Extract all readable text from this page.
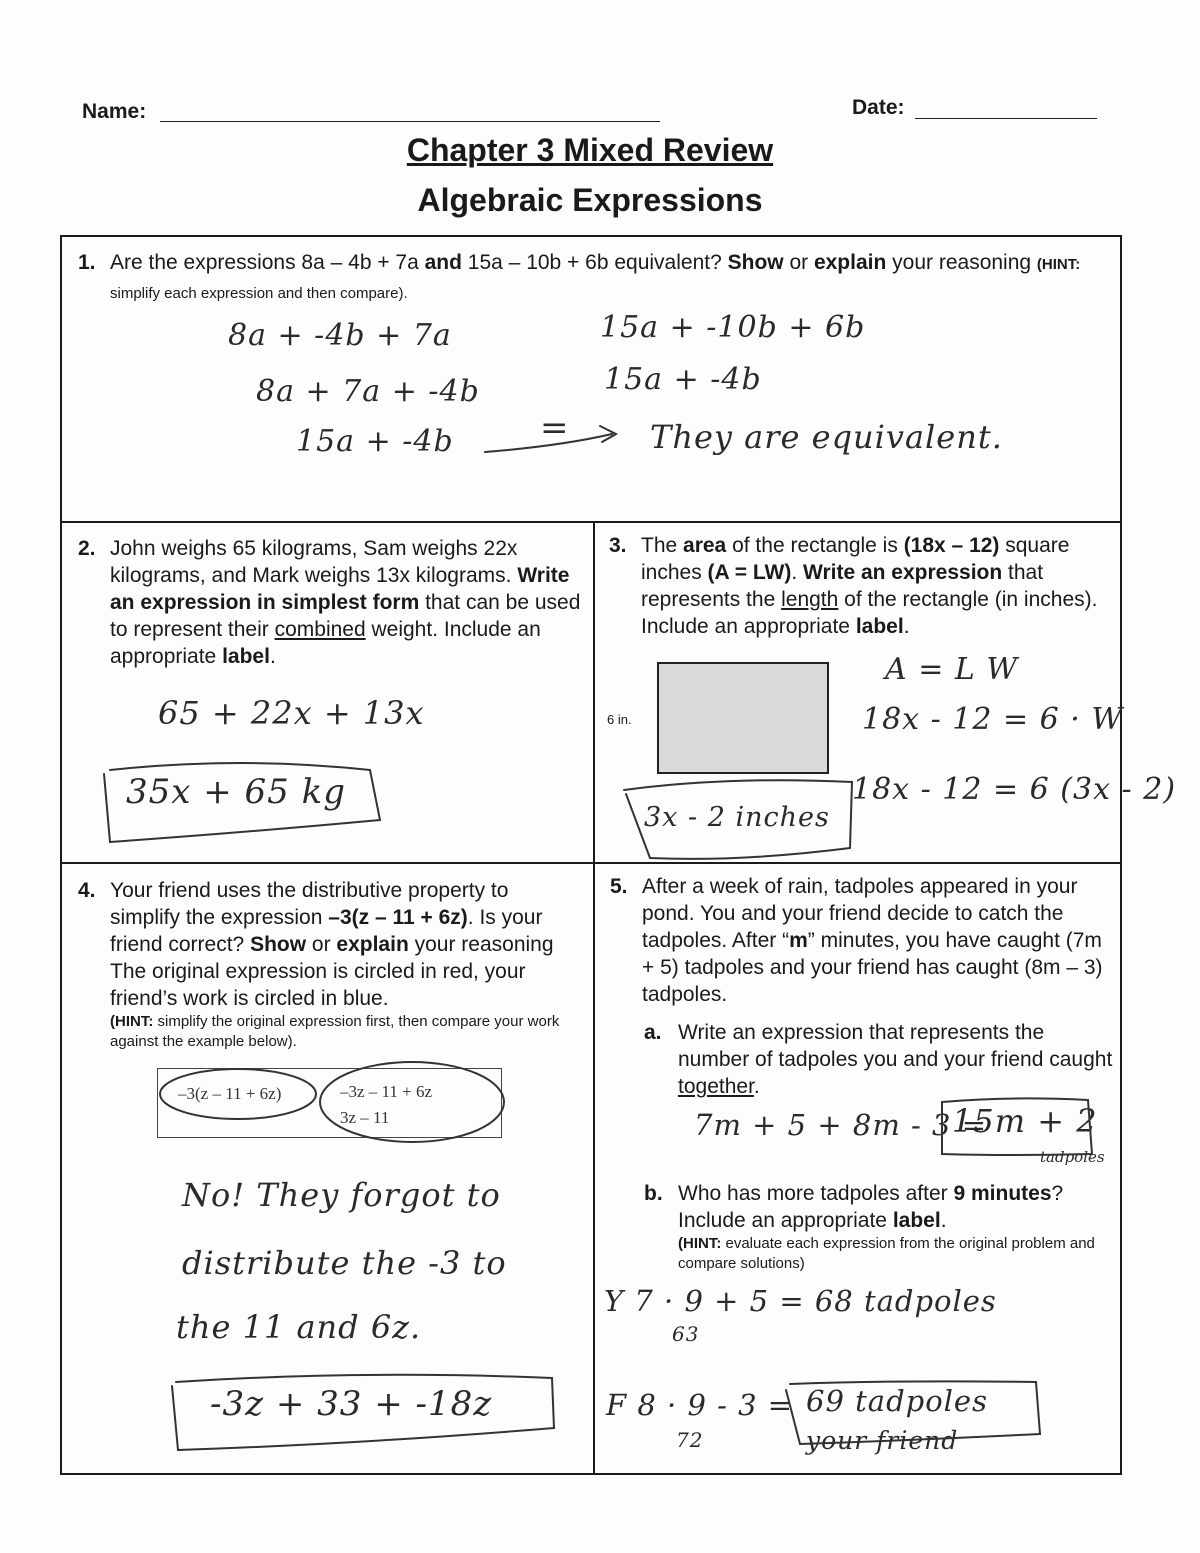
Name:	Date:
Chapter 3 Mixed Review
Algebraic Expressions
1. Are the expressions 8a – 4b + 7a and 15a – 10b + 6b equivalent? Show or explain your reasoning (HINT: simplify each expression and then compare).
8a + -4b + 7a
8a + 7a + -4b
15a + -4b
15a + -10b + 6b
15a + -4b
=	They are equivalent.
2. John weighs 65 kilograms, Sam weighs 22x kilograms, and Mark weighs 13x kilograms. Write an expression in simplest form that can be used to represent their combined weight. Include an appropriate label.
65 + 22x + 13x
35x + 65 kg
3. The area of the rectangle is (18x – 12) square inches (A = LW). Write an expression that represents the length of the rectangle (in inches). Include an appropriate label.
6 in.
A = L W
18x - 12 = 6 · W
18x - 12 = 6 (3x - 2)
3x - 2 inches
4. Your friend uses the distributive property to simplify the expression –3(z – 11 + 6z). Is your friend correct? Show or explain your reasoning The original expression is circled in red, your friend’s work is circled in blue.
(HINT: simplify the original expression first, then compare your work against the example below).
–3(z – 11 + 6z)	–3z – 11 + 6z
3z – 11
No! They forgot to
distribute the -3 to
the 11 and 6z.
-3z + 33 + -18z
5. After a week of rain, tadpoles appeared in your pond. You and your friend decide to catch the tadpoles. After “m” minutes, you have caught (7m + 5) tadpoles and your friend has caught (8m – 3) tadpoles.
a. Write an expression that represents the number of tadpoles you and your friend caught together.
7m + 5 + 8m - 3 =
15m + 2
tadpoles
b. Who has more tadpoles after 9 minutes? Include an appropriate label.
(HINT: evaluate each expression from the original problem and compare solutions)
Y 7 · 9 + 5 = 68 tadpoles
63
F 8 · 9 - 3 =
72
69 tadpoles
your friend
